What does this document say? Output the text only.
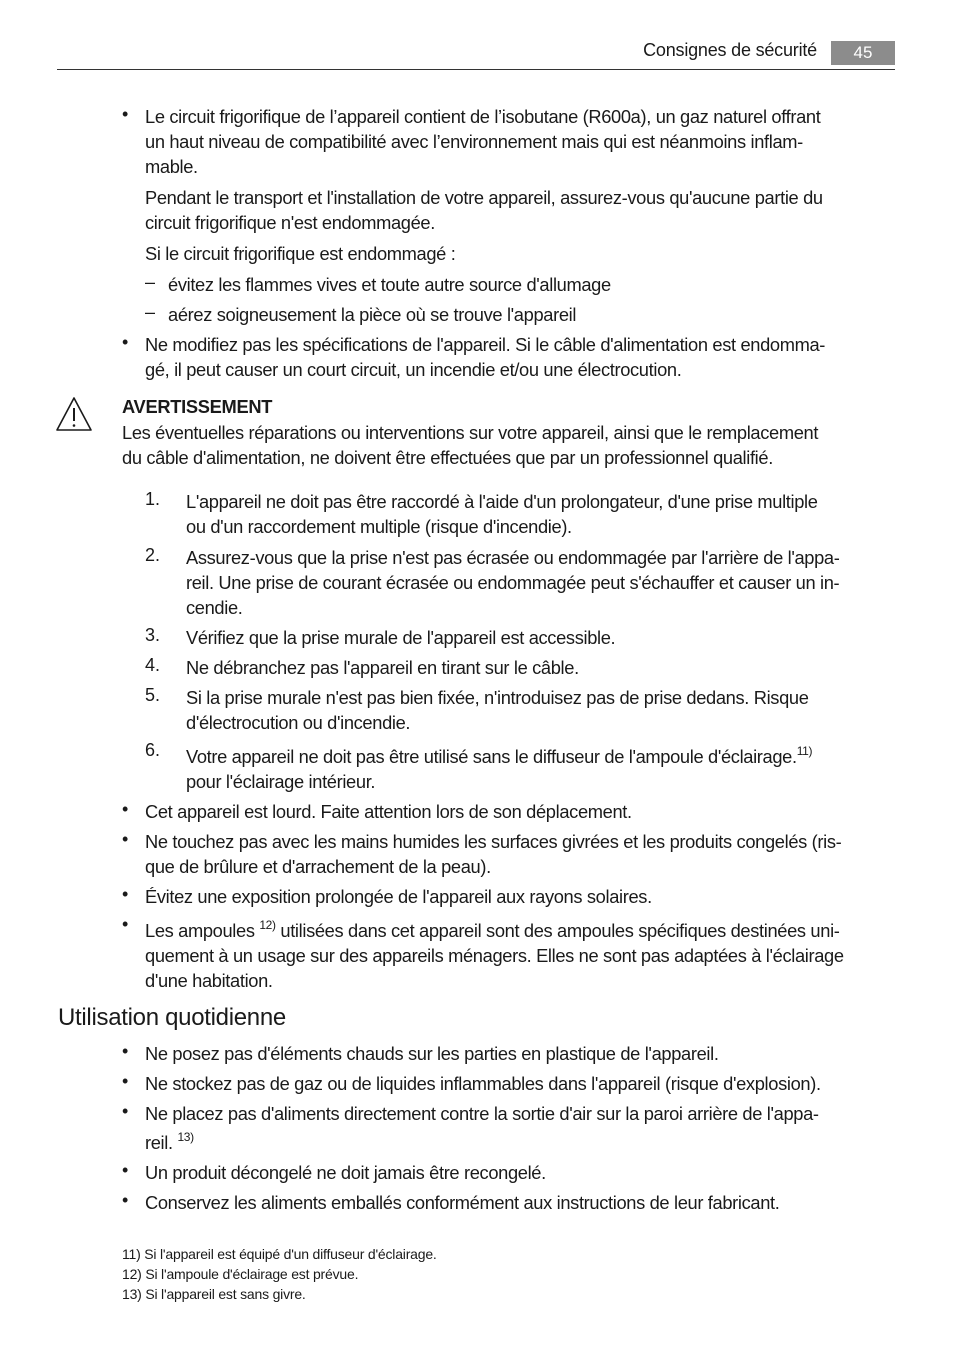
Consignes de sécurité	45
• Le circuit frigorifique de l’appareil contient de l’isobutane (R600a), un gaz naturel offrant
un haut niveau de compatibilité avec l’environnement mais qui est néanmoins inflam-
mable.
Pendant le transport et l'installation de votre appareil, assurez-vous qu'aucune partie du
circuit frigorifique n'est endommagée.
Si le circuit frigorifique est endommagé :
– évitez les flammes vives et toute autre source d'allumage
– aérez soigneusement la pièce où se trouve l'appareil
• Ne modifiez pas les spécifications de l'appareil. Si le câble d'alimentation est endomma-
gé, il peut causer un court circuit, un incendie et/ou une électrocution.
AVERTISSEMENT
Les éventuelles réparations ou interventions sur votre appareil, ainsi que le remplacement
du câble d'alimentation, ne doivent être effectuées que par un professionnel qualifié.
1. L'appareil ne doit pas être raccordé à l'aide d'un prolongateur, d'une prise multiple
ou d'un raccordement multiple (risque d'incendie).
2. Assurez-vous que la prise n'est pas écrasée ou endommagée par l'arrière de l'appa-
reil. Une prise de courant écrasée ou endommagée peut s'échauffer et causer un in-
cendie.
3. Vérifiez que la prise murale de l'appareil est accessible.
4. Ne débranchez pas l'appareil en tirant sur le câble.
5. Si la prise murale n'est pas bien fixée, n'introduisez pas de prise dedans. Risque
d'électrocution ou d'incendie.
6. Votre appareil ne doit pas être utilisé sans le diffuseur de l'ampoule d'éclairage.$^{11)}$
pour l'éclairage intérieur.
• Cet appareil est lourd. Faite attention lors de son déplacement.
• Ne touchez pas avec les mains humides les surfaces givrées et les produits congelés (ris-
que de brûlure et d'arrachement de la peau).
• Évitez une exposition prolongée de l'appareil aux rayons solaires.
• Les ampoules $^{12)}$ utilisées dans cet appareil sont des ampoules spécifiques destinées uni-
quement à un usage sur des appareils ménagers. Elles ne sont pas adaptées à l'éclairage
d'une habitation.
Utilisation quotidienne
• Ne posez pas d'éléments chauds sur les parties en plastique de l'appareil.
• Ne stockez pas de gaz ou de liquides inflammables dans l'appareil (risque d'explosion).
• Ne placez pas d'aliments directement contre la sortie d'air sur la paroi arrière de l'appa-
reil. $^{13)}$
• Un produit décongelé ne doit jamais être recongelé.
• Conservez les aliments emballés conformément aux instructions de leur fabricant.
11) Si l'appareil est équipé d'un diffuseur d'éclairage.
12) Si l'ampoule d'éclairage est prévue.
13) Si l'appareil est sans givre.
